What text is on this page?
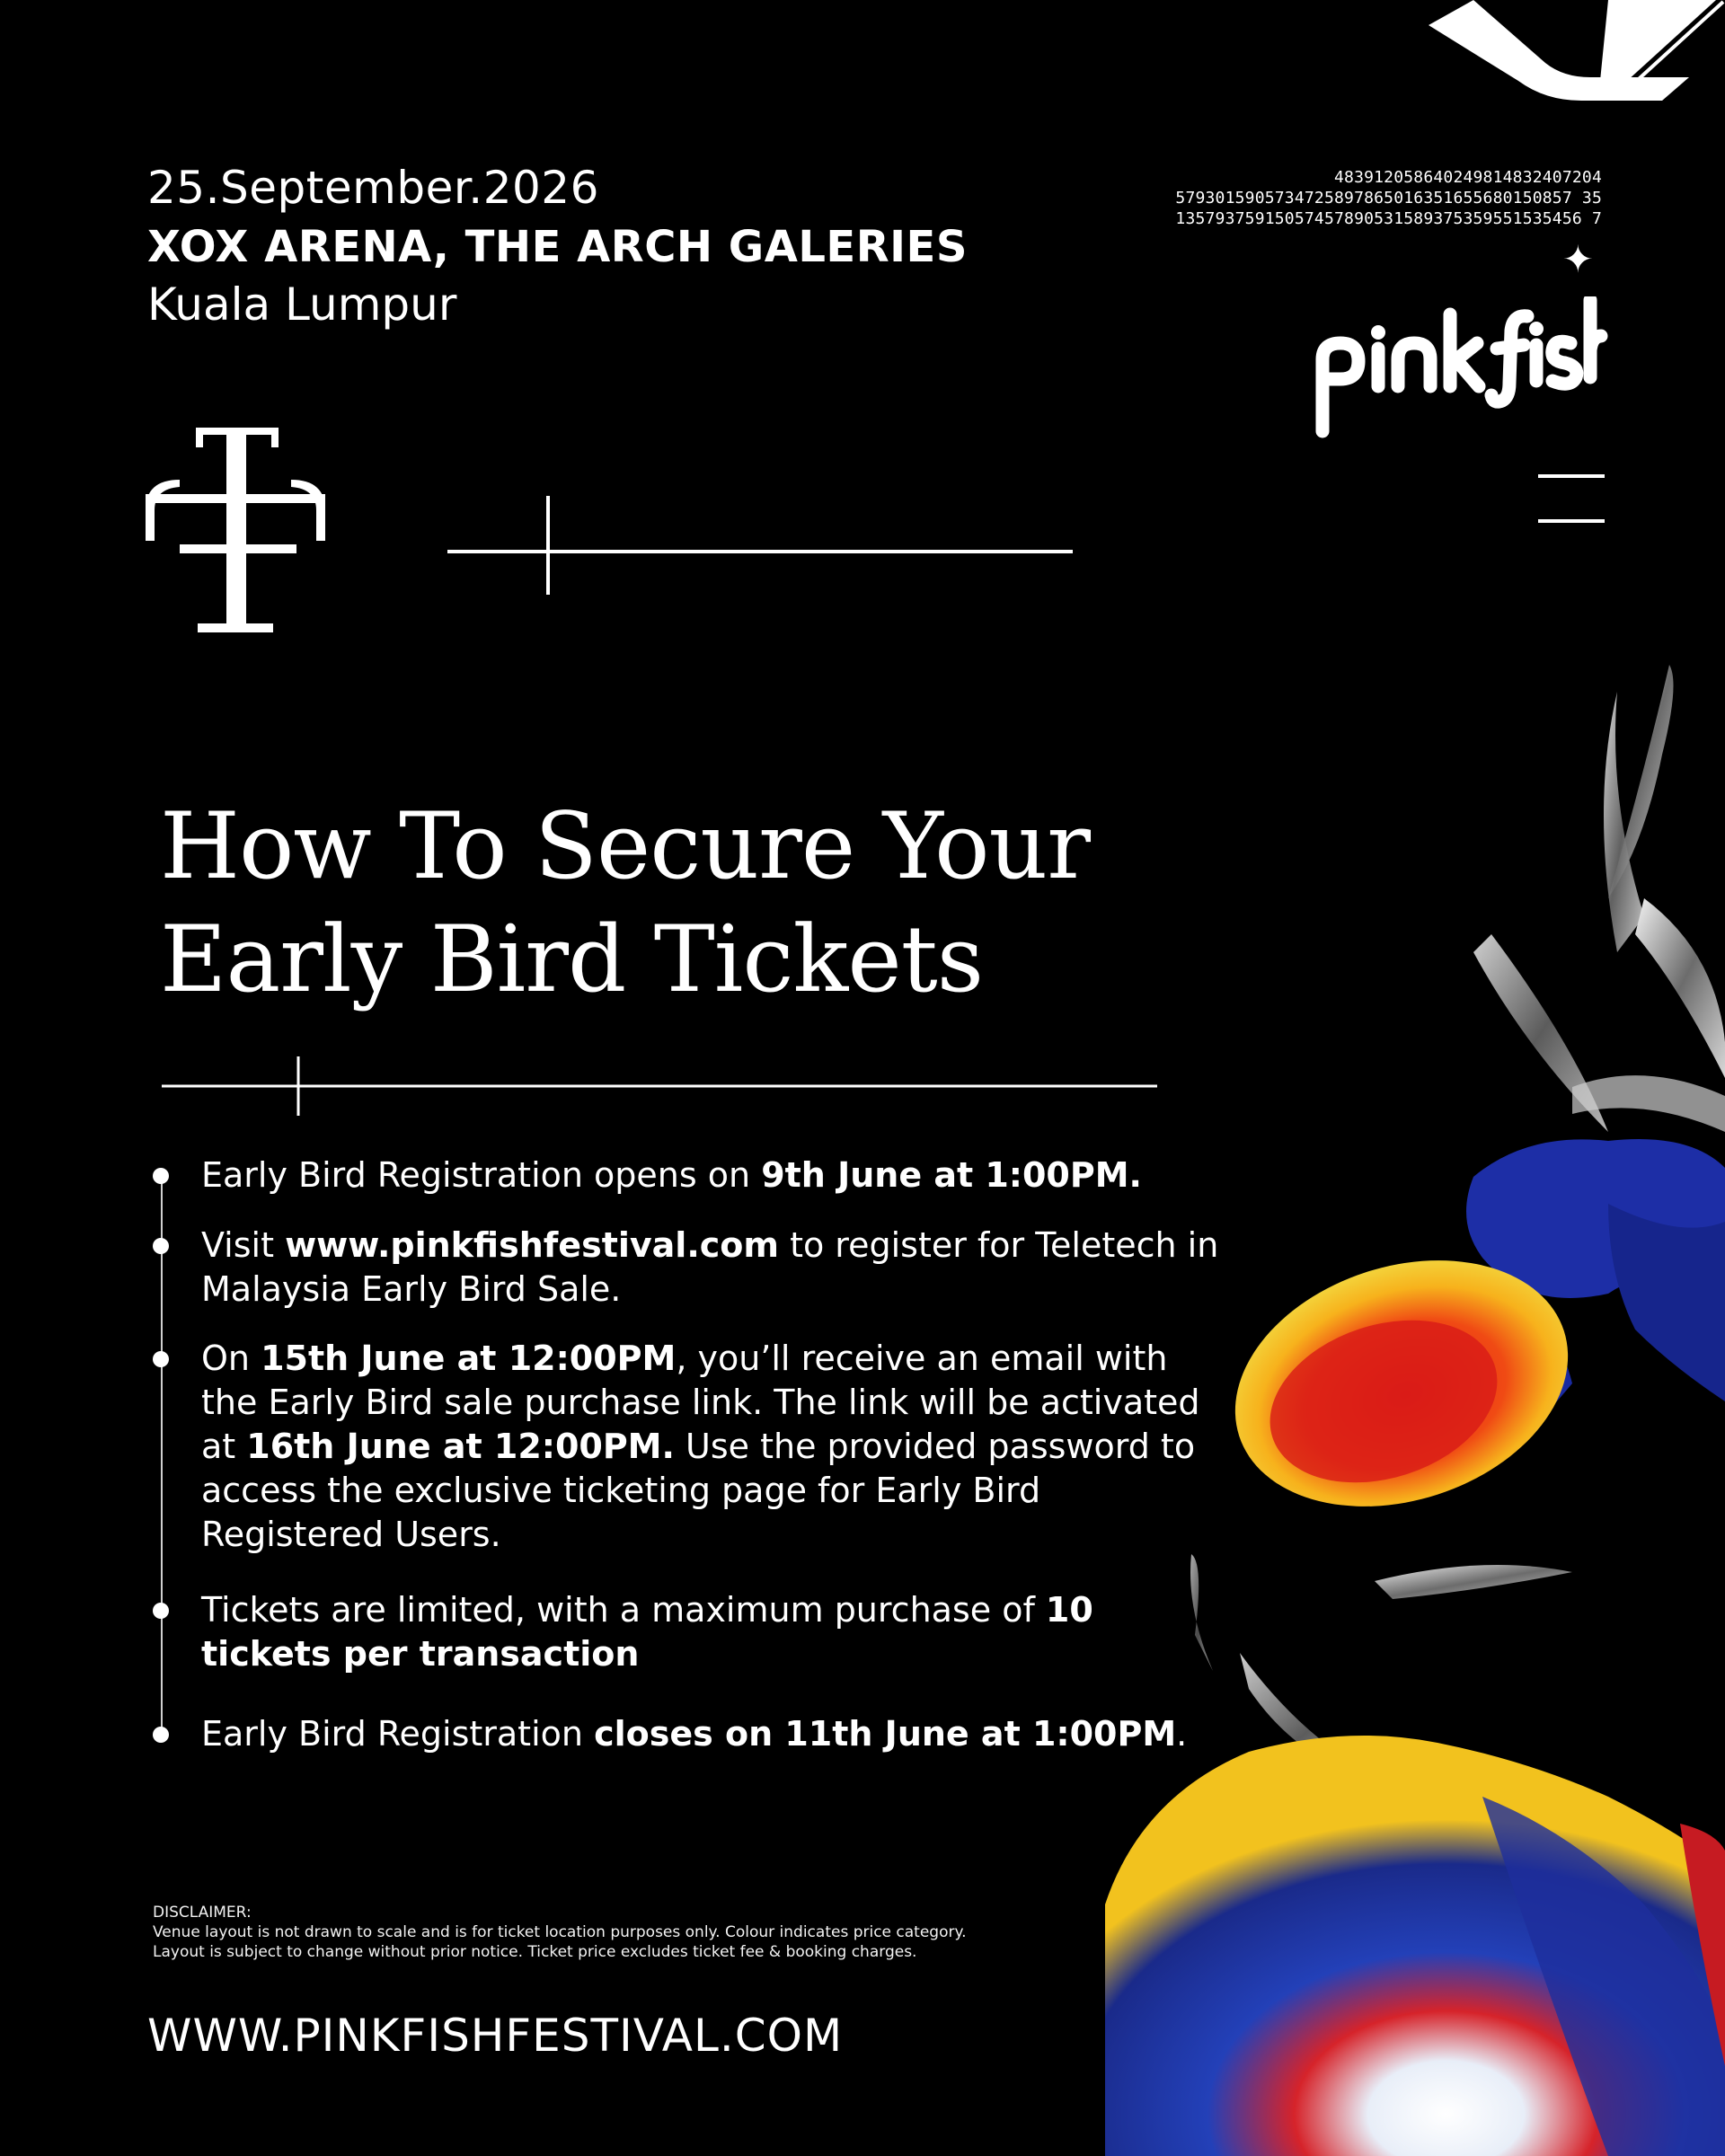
25.September.2026
XOX ARENA, THE ARCH GALERIES
Kuala Lumpur
48391205864024981483240​7204
5793015905734725897865016351655680150857 35
13579375915057457890531589375359551535456 7
✦
How To Secure Your
Early Bird Tickets
Early Bird Registration opens on 9th June at 1:00PM.
Visit www.pinkfishfestival.com to register for Teletech in Malaysia Early Bird Sale.
On 15th June at 12:00PM, you’ll receive an email with the Early Bird sale purchase link. The link will be activated at 16th June at 12:00PM. Use the provided password to access the exclusive ticketing page for Early Bird Registered Users.
Tickets are limited, with a maximum purchase of 10 tickets per transaction
Early Bird Registration closes on 11th June at 1:00PM.
DISCLAIMER:
Venue layout is not drawn to scale and is for ticket location purposes only. Colour indicates price category.
Layout is subject to change without prior notice. Ticket price excludes ticket fee & booking charges.
WWW.PINKFISHFESTIVAL.COM
